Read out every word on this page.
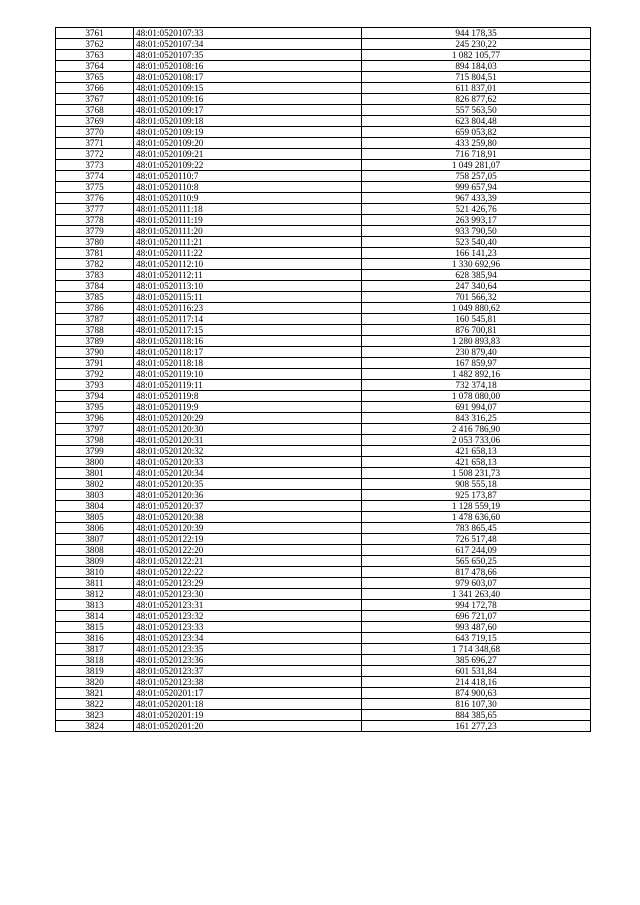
3761	48:01:0520107:33	944 178,35
3762	48:01:0520107:34	245 230,22
3763	48:01:0520107:35	1 082 105,77
3764	48:01:0520108:16	894 184,03
3765	48:01:0520108:17	715 804,51
3766	48:01:0520109:15	611 837,01
3767	48:01:0520109:16	826 877,62
3768	48:01:0520109:17	557 563,50
3769	48:01:0520109:18	623 804,48
3770	48:01:0520109:19	659 053,82
3771	48:01:0520109:20	433 259,80
3772	48:01:0520109:21	716 718,91
3773	48:01:0520109:22	1 049 281,07
3774	48:01:0520110:7	758 257,05
3775	48:01:0520110:8	999 657,94
3776	48:01:0520110:9	967 433,39
3777	48:01:0520111:18	521 426,76
3778	48:01:0520111:19	263 993,17
3779	48:01:0520111:20	933 790,50
3780	48:01:0520111:21	523 540,40
3781	48:01:0520111:22	166 141,23
3782	48:01:0520112:10	1 330 692,96
3783	48:01:0520112:11	628 385,94
3784	48:01:0520113:10	247 340,64
3785	48:01:0520115:11	701 566,32
3786	48:01:0520116:23	1 049 880,62
3787	48:01:0520117:14	160 545,81
3788	48:01:0520117:15	876 700,81
3789	48:01:0520118:16	1 280 893,83
3790	48:01:0520118:17	230 879,40
3791	48:01:0520118:18	167 859,97
3792	48:01:0520119:10	1 482 892,16
3793	48:01:0520119:11	732 374,18
3794	48:01:0520119:8	1 078 080,00
3795	48:01:0520119:9	691 994,07
3796	48:01:0520120:29	843 316,25
3797	48:01:0520120:30	2 416 786,90
3798	48:01:0520120:31	2 053 733,06
3799	48:01:0520120:32	421 658,13
3800	48:01:0520120:33	421 658,13
3801	48:01:0520120:34	1 508 231,73
3802	48:01:0520120:35	908 555,18
3803	48:01:0520120:36	925 173,87
3804	48:01:0520120:37	1 128 559,19
3805	48:01:0520120:38	1 478 636,60
3806	48:01:0520120:39	783 865,45
3807	48:01:0520122:19	726 517,48
3808	48:01:0520122:20	617 244,09
3809	48:01:0520122:21	565 650,25
3810	48:01:0520122:22	817 478,66
3811	48:01:0520123:29	979 603,07
3812	48:01:0520123:30	1 341 263,40
3813	48:01:0520123:31	994 172,78
3814	48:01:0520123:32	696 721,07
3815	48:01:0520123:33	993 487,60
3816	48:01:0520123:34	643 719,15
3817	48:01:0520123:35	1 714 348,68
3818	48:01:0520123:36	385 696,27
3819	48:01:0520123:37	601 531,84
3820	48:01:0520123:38	214 418,16
3821	48:01:0520201:17	874 900,63
3822	48:01:0520201:18	816 107,30
3823	48:01:0520201:19	884 385,65
3824	48:01:0520201:20	161 277,23
